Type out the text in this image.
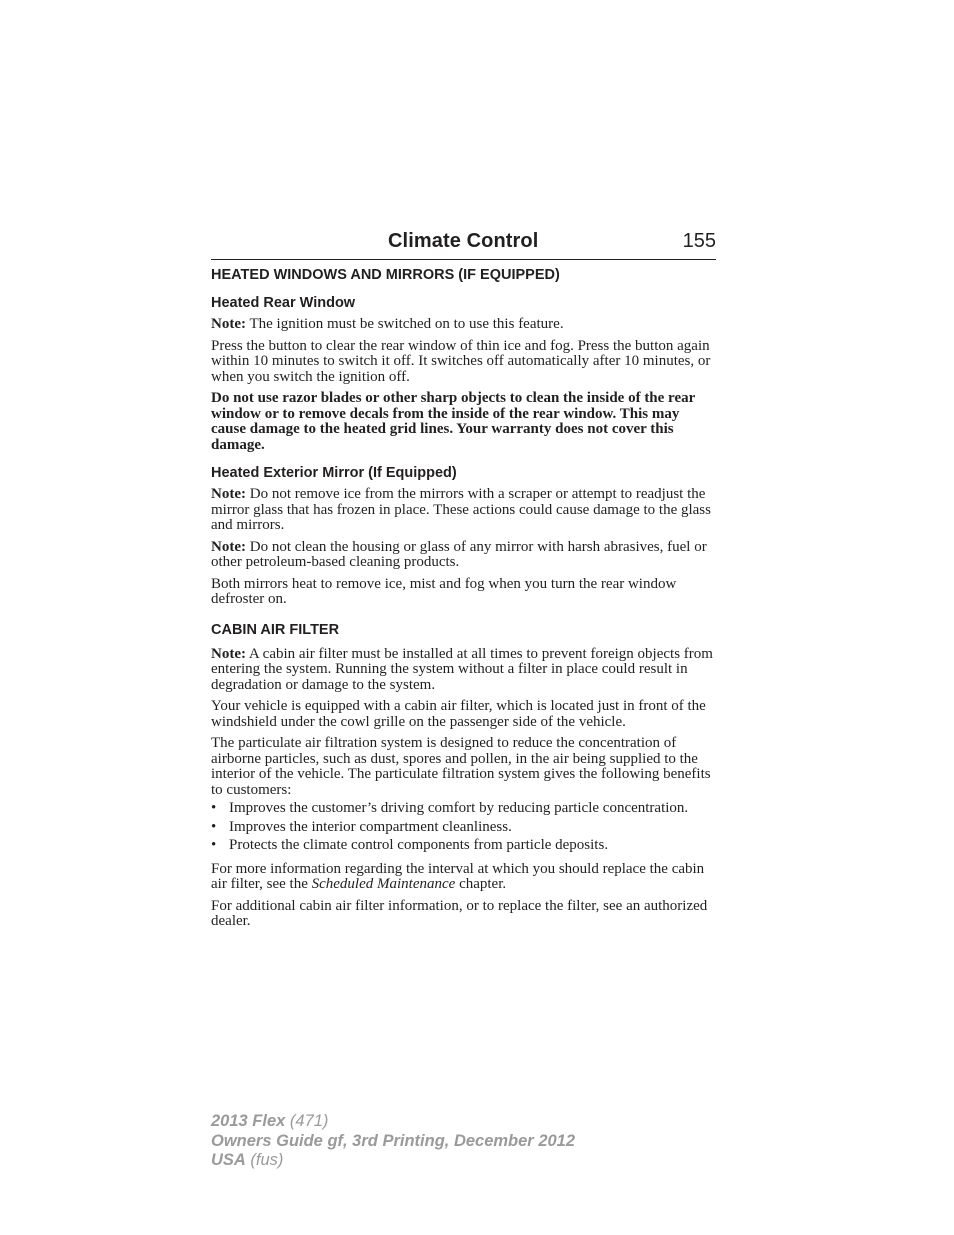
Climate Control	155
HEATED WINDOWS AND MIRRORS (IF EQUIPPED)
Heated Rear Window

Note: The ignition must be switched on to use this feature.

Press the button to clear the rear window of thin ice and fog. Press the button again within 10 minutes to switch it off. It switches off automatically after 10 minutes, or when you switch the ignition off.

Do not use razor blades or other sharp objects to clean the inside of the rear window or to remove decals from the inside of the rear window. This may cause damage to the heated grid lines. Your warranty does not cover this damage.

Heated Exterior Mirror (If Equipped)

Note: Do not remove ice from the mirrors with a scraper or attempt to readjust the mirror glass that has frozen in place. These actions could cause damage to the glass and mirrors.

Note: Do not clean the housing or glass of any mirror with harsh abrasives, fuel or other petroleum-based cleaning products.

Both mirrors heat to remove ice, mist and fog when you turn the rear window defroster on.

CABIN AIR FILTER

Note: A cabin air filter must be installed at all times to prevent foreign objects from entering the system. Running the system without a filter in place could result in degradation or damage to the system.

Your vehicle is equipped with a cabin air filter, which is located just in front of the windshield under the cowl grille on the passenger side of the vehicle.

The particulate air filtration system is designed to reduce the concentration of airborne particles, such as dust, spores and pollen, in the air being supplied to the interior of the vehicle. The particulate filtration system gives the following benefits to customers:

• Improves the customer’s driving comfort by reducing particle concentration.
• Improves the interior compartment cleanliness.
• Protects the climate control components from particle deposits.

For more information regarding the interval at which you should replace the cabin air filter, see the Scheduled Maintenance chapter.

For additional cabin air filter information, or to replace the filter, see an authorized dealer.

2013 Flex (471)
Owners Guide gf, 3rd Printing, December 2012
USA (fus)
